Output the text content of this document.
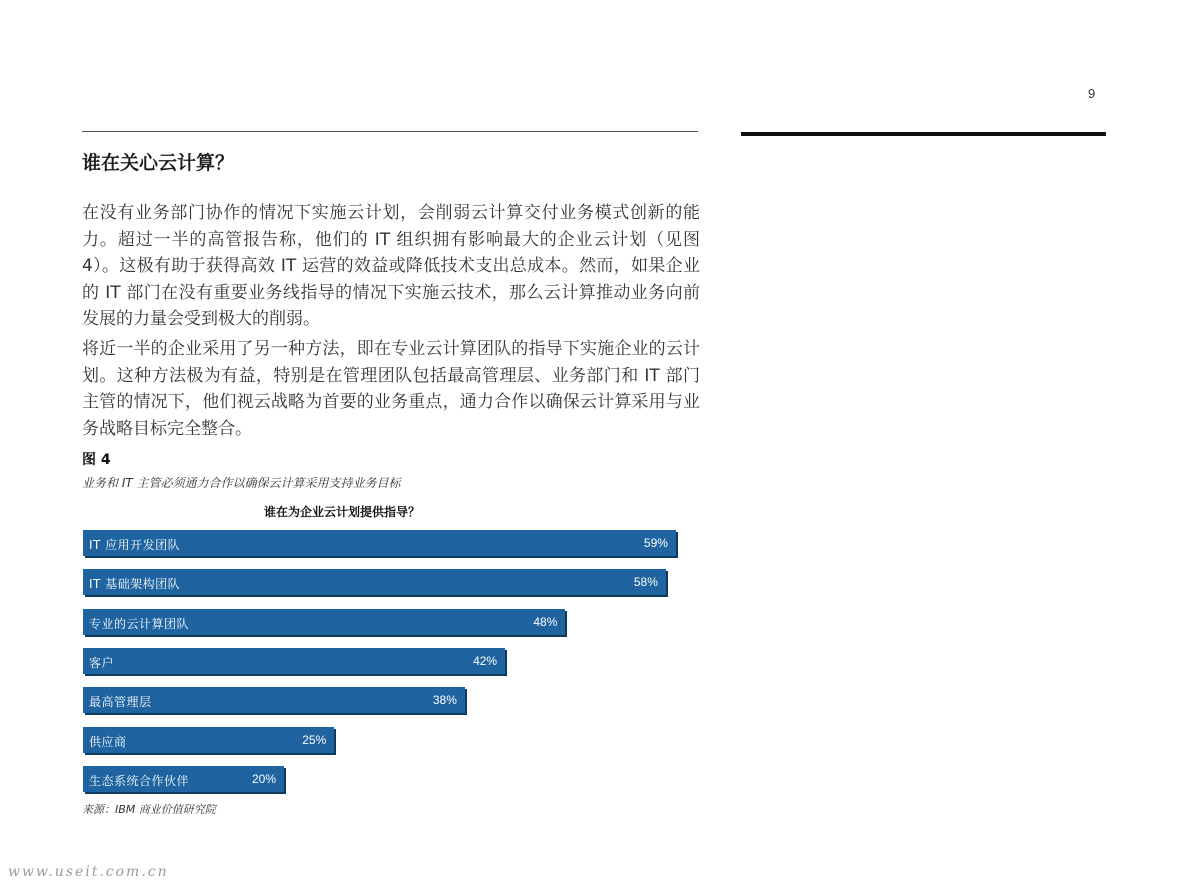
9
谁在关心云计算？

在没有业务部门协作的情况下实施云计划，会削弱云计算交付业务模式创新的能力。超过一半的高管报告称，他们的 IT 组织拥有影响最大的企业云计划（见图 4）。这极有助于获得高效 IT 运营的效益或降低技术支出总成本。然而，如果企业的 IT 部门在没有重要业务线指导的情况下实施云技术，那么云计算推动业务向前发展的力量会受到极大的削弱。

将近一半的企业采用了另一种方法，即在专业云计算团队的指导下实施企业的云计划。这种方法极为有益，特别是在管理团队包括最高管理层、业务部门和 IT 部门主管的情况下，他们视云战略为首要的业务重点，通力合作以确保云计算采用与业务战略目标完全整合。

图 4
业务和 IT 主管必须通力合作以确保云计算采用支持业务目标
谁在为企业云计划提供指导？
IT 应用开发团队	59%
IT 基础架构团队	58%
专业的云计算团队	48%
客户	42%
最高管理层	38%
供应商	25%
生态系统合作伙伴	20%
来源：IBM 商业价值研究院
www.useit.com.cn
